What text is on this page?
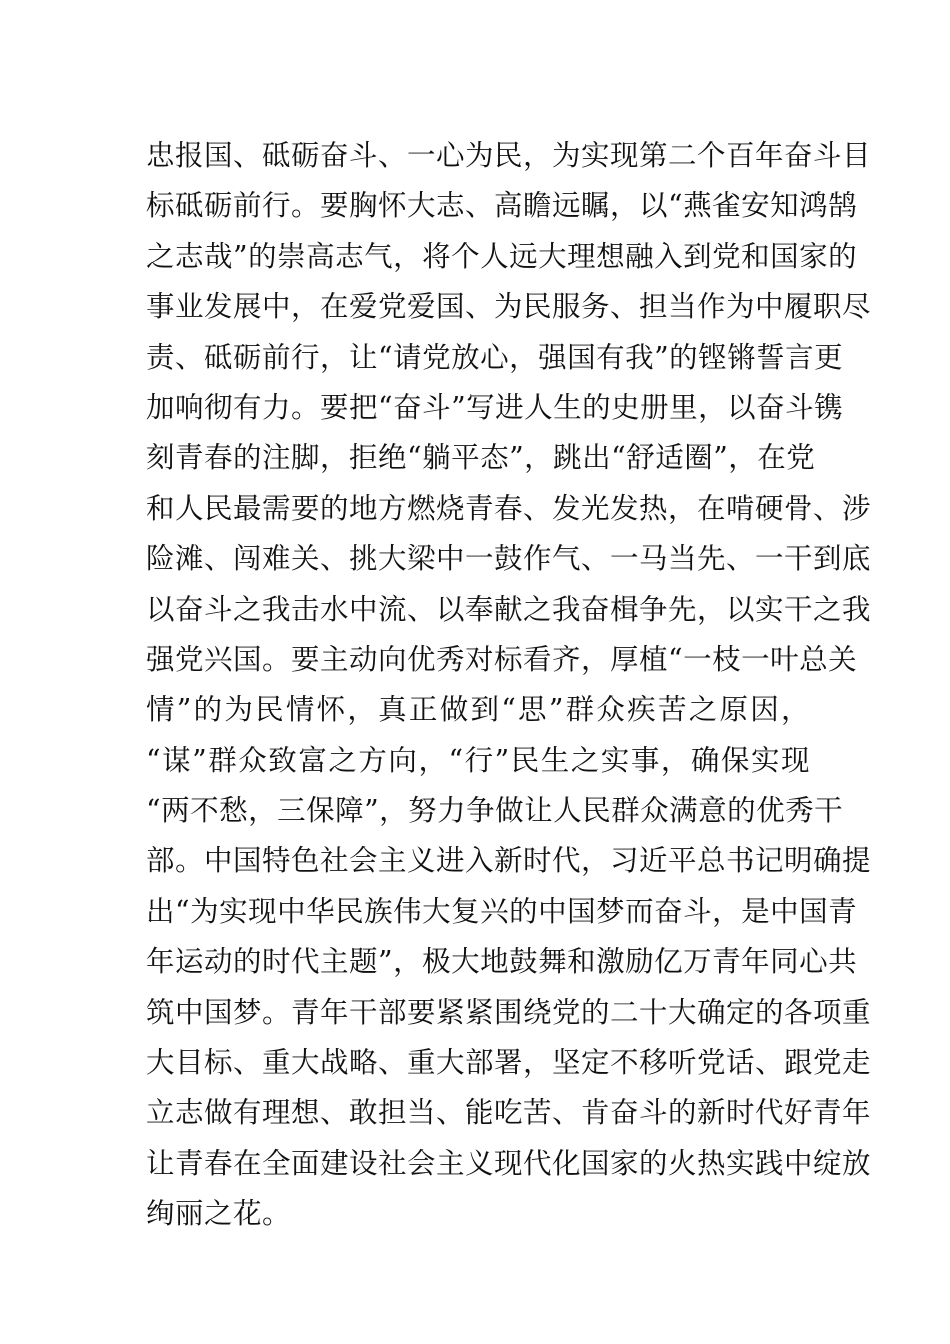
忠报国、砥砺奋斗、一心为民，为实现第二个百年奋斗目
标砥砺前行。要胸怀大志、高瞻远瞩，以“燕雀安知鸿鹄
之志哉”的崇高志气，将个人远大理想融入到党和国家的
事业发展中，在爱党爱国、为民服务、担当作为中履职尽
责、砥砺前行，让“请党放心，强国有我”的铿锵誓言更
加响彻有力。要把“奋斗”写进人生的史册里，以奋斗镌
刻青春的注脚，拒绝“躺平态”，跳出“舒适圈”，在党
和人民最需要的地方燃烧青春、发光发热，在啃硬骨、涉
险滩、闯难关、挑大梁中一鼓作气、一马当先、一干到底
以奋斗之我击水中流、以奉献之我奋楫争先，以实干之我
强党兴国。要主动向优秀对标看齐，厚植“一枝一叶总关
情”的为民情怀，真正做到“思”群众疾苦之原因，
“谋”群众致富之方向，“行”民生之实事，确保实现
“两不愁，三保障”，努力争做让人民群众满意的优秀干
部。中国特色社会主义进入新时代，习近平总书记明确提
出“为实现中华民族伟大复兴的中国梦而奋斗，是中国青
年运动的时代主题”，极大地鼓舞和激励亿万青年同心共
筑中国梦。青年干部要紧紧围绕党的二十大确定的各项重
大目标、重大战略、重大部署，坚定不移听党话、跟党走
立志做有理想、敢担当、能吃苦、肯奋斗的新时代好青年
让青春在全面建设社会主义现代化国家的火热实践中绽放
绚丽之花。
